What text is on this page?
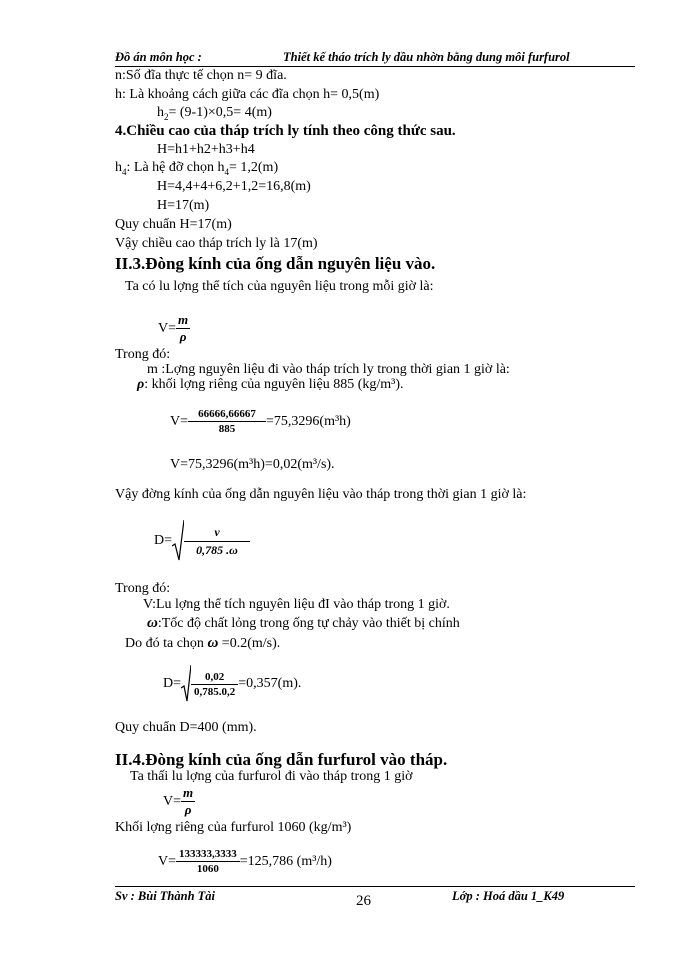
Đồ án môn học :	Thiết kế tháo trích ly dầu nhờn bằng dung môi furfurol
n:Số đĩa thực tế chọn n= 9 đĩa.
h: Là khoảng cách giữa các đĩa chọn h= 0,5(m)
$h_2= (9-1)\times 0,5= 4(m)$
4.Chiều cao của tháp trích ly tính theo công thức sau.
H=h1+h2+h3+h4
$h_4$: Là hệ đỡ chọn $h_4= 1,2(m)$
H=4,4+4+6,2+1,2=16,8(m)
H=17(m)
Quy chuẩn H=17(m)
Vậy chiều cao tháp trích ly là 17(m)
II.3.Đòng kính của ống dẫn nguyên liệu vào.
Ta có lu lợng thể tích của nguyên liệu trong mỗi giờ là:
$V= \frac{m}{\rho}$
Trong đó:
m :Lợng nguyên liệu đi vào tháp trích ly trong thời gian 1 giờ là:
ρ: khối lợng riêng của nguyên liệu 885 (kg/m³).
$V= \frac{66666,66667}{885} =75,3296(m^3h)$
V=75,3296(m³h)=0,02(m³/s).
Vậy đờng kính của ống dẫn nguyên liệu vào tháp trong thời gian 1 giờ là:
D=
v
0,785 .ω
Trong đó:
V:Lu lợng thể tích nguyên liệu đI vào tháp trong 1 giờ.
ω:Tốc độ chất lỏng trong ống tự chảy vào thiết bị chính
Do đó ta chọn ω =0.2(m/s).
D=	0,02
0,785.0,2
=0,357(m).
Quy chuẩn D=400 (mm).
II.4.Đòng kính của ống dẫn furfurol vào tháp.
Ta thấi lu lợng của furfurol đi vào tháp trong 1 giờ
$V= \frac{m}{\rho}$
Khối lợng riêng của furfurol 1060 (kg/m³)
$V= \frac{133333,3333}{1060} =125,786$ (m³/h)
Sv : Bùi Thành Tài	26	Lớp : Hoá dầu 1_K49
